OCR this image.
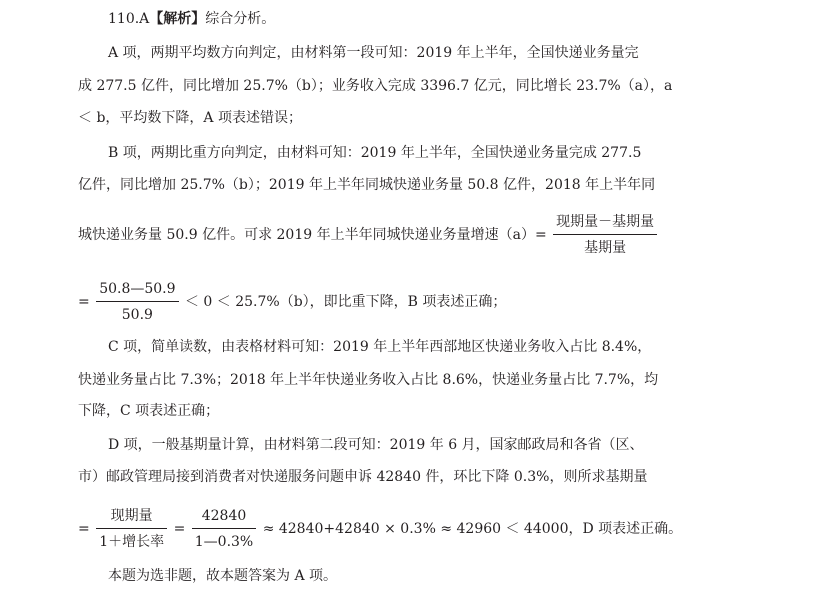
110.A【解析】综合分析。
A 项，两期平均数方向判定，由材料第一段可知：2019 年上半年，全国快递业务量完
成 277.5 亿件，同比增加 25.7%（b）；业务收入完成 3396.7 亿元，同比增长 23.7%（a），a
＜ b，平均数下降，A 项表述错误；
B 项，两期比重方向判定，由材料可知：2019 年上半年，全国快递业务量完成 277.5
亿件，同比增加 25.7%（b）；2019 年上半年同城快递业务量 50.8 亿件，2018 年上半年同
城快递业务量 50.9 亿件。可求 2019 年上半年同城快递业务量增速$(a)= \frac{\text{现期量－基期量}}{\text{基期量}}$
= $\frac{50.8—50.9}{50.9} < 0 < 25.7\%(b)$，即比重下降，B 项表述正确；
C 项，简单读数，由表格材料可知：2019 年上半年西部地区快递业务收入占比 8.4%，
快递业务量占比 7.3%；2018 年上半年快递业务收入占比 8.6%，快递业务量占比 7.7%，均
下降，C 项表述正确；
D 项，一般基期量计算，由材料第二段可知：2019 年 6 月，国家邮政局和各省（区、
市）邮政管理局接到消费者对快递服务问题申诉 42840 件，环比下降 0.3%，则所求基期量
= $\frac{\text{现期量}}{\text{1＋增长率}} = \frac{42840}{1—0.3\%} \approx 42840+42840 \times 0.3\% \approx 42960 < 44000$，D 项表述正确。
本题为选非题，故本题答案为 A 项。
